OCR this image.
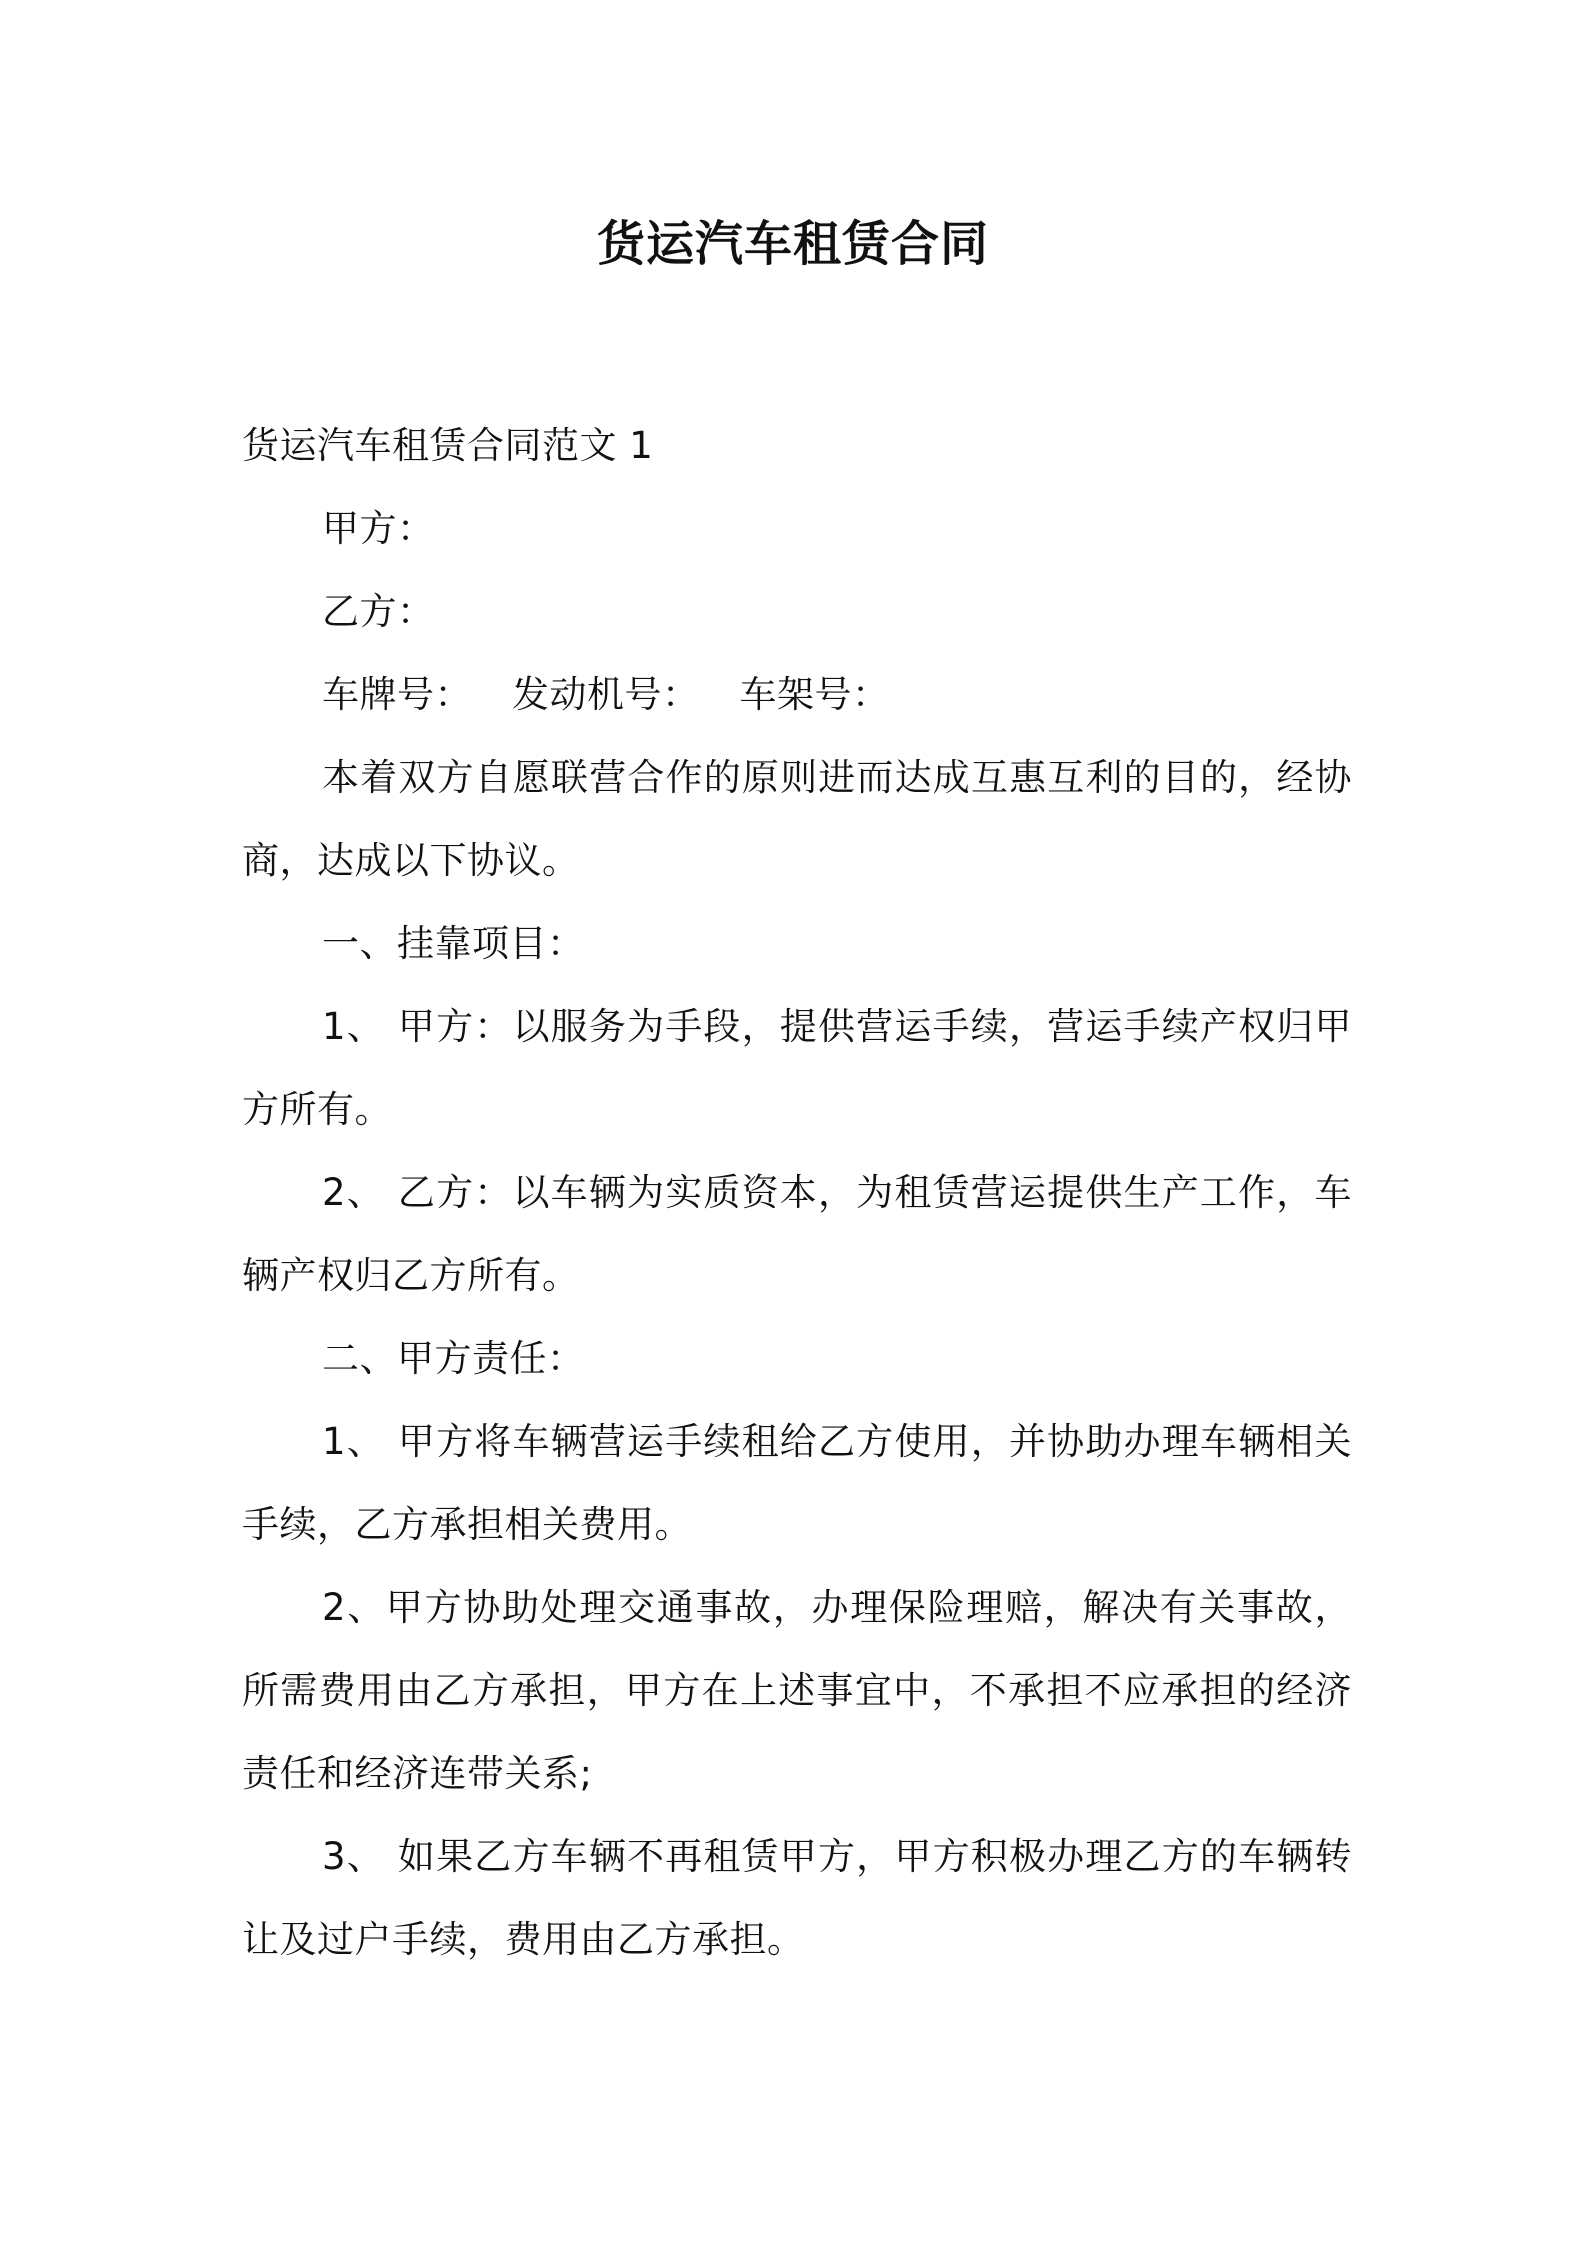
货运汽车租赁合同

货运汽车租赁合同范文 1

甲方：

乙方：

车牌号： 发动机号： 车架号：

本着双方自愿联营合作的原则进而达成互惠互利的目的，经协商，达成以下协议。

一、挂靠项目：

1、 甲方：以服务为手段，提供营运手续，营运手续产权归甲方所有。

2、 乙方：以车辆为实质资本，为租赁营运提供生产工作，车辆产权归乙方所有。

二、甲方责任：

1、 甲方将车辆营运手续租给乙方使用，并协助办理车辆相关手续，乙方承担相关费用。

2、甲方协助处理交通事故，办理保险理赔，解决有关事故，所需费用由乙方承担，甲方在上述事宜中，不承担不应承担的经济责任和经济连带关系;

3、 如果乙方车辆不再租赁甲方，甲方积极办理乙方的车辆转让及过户手续，费用由乙方承担。
